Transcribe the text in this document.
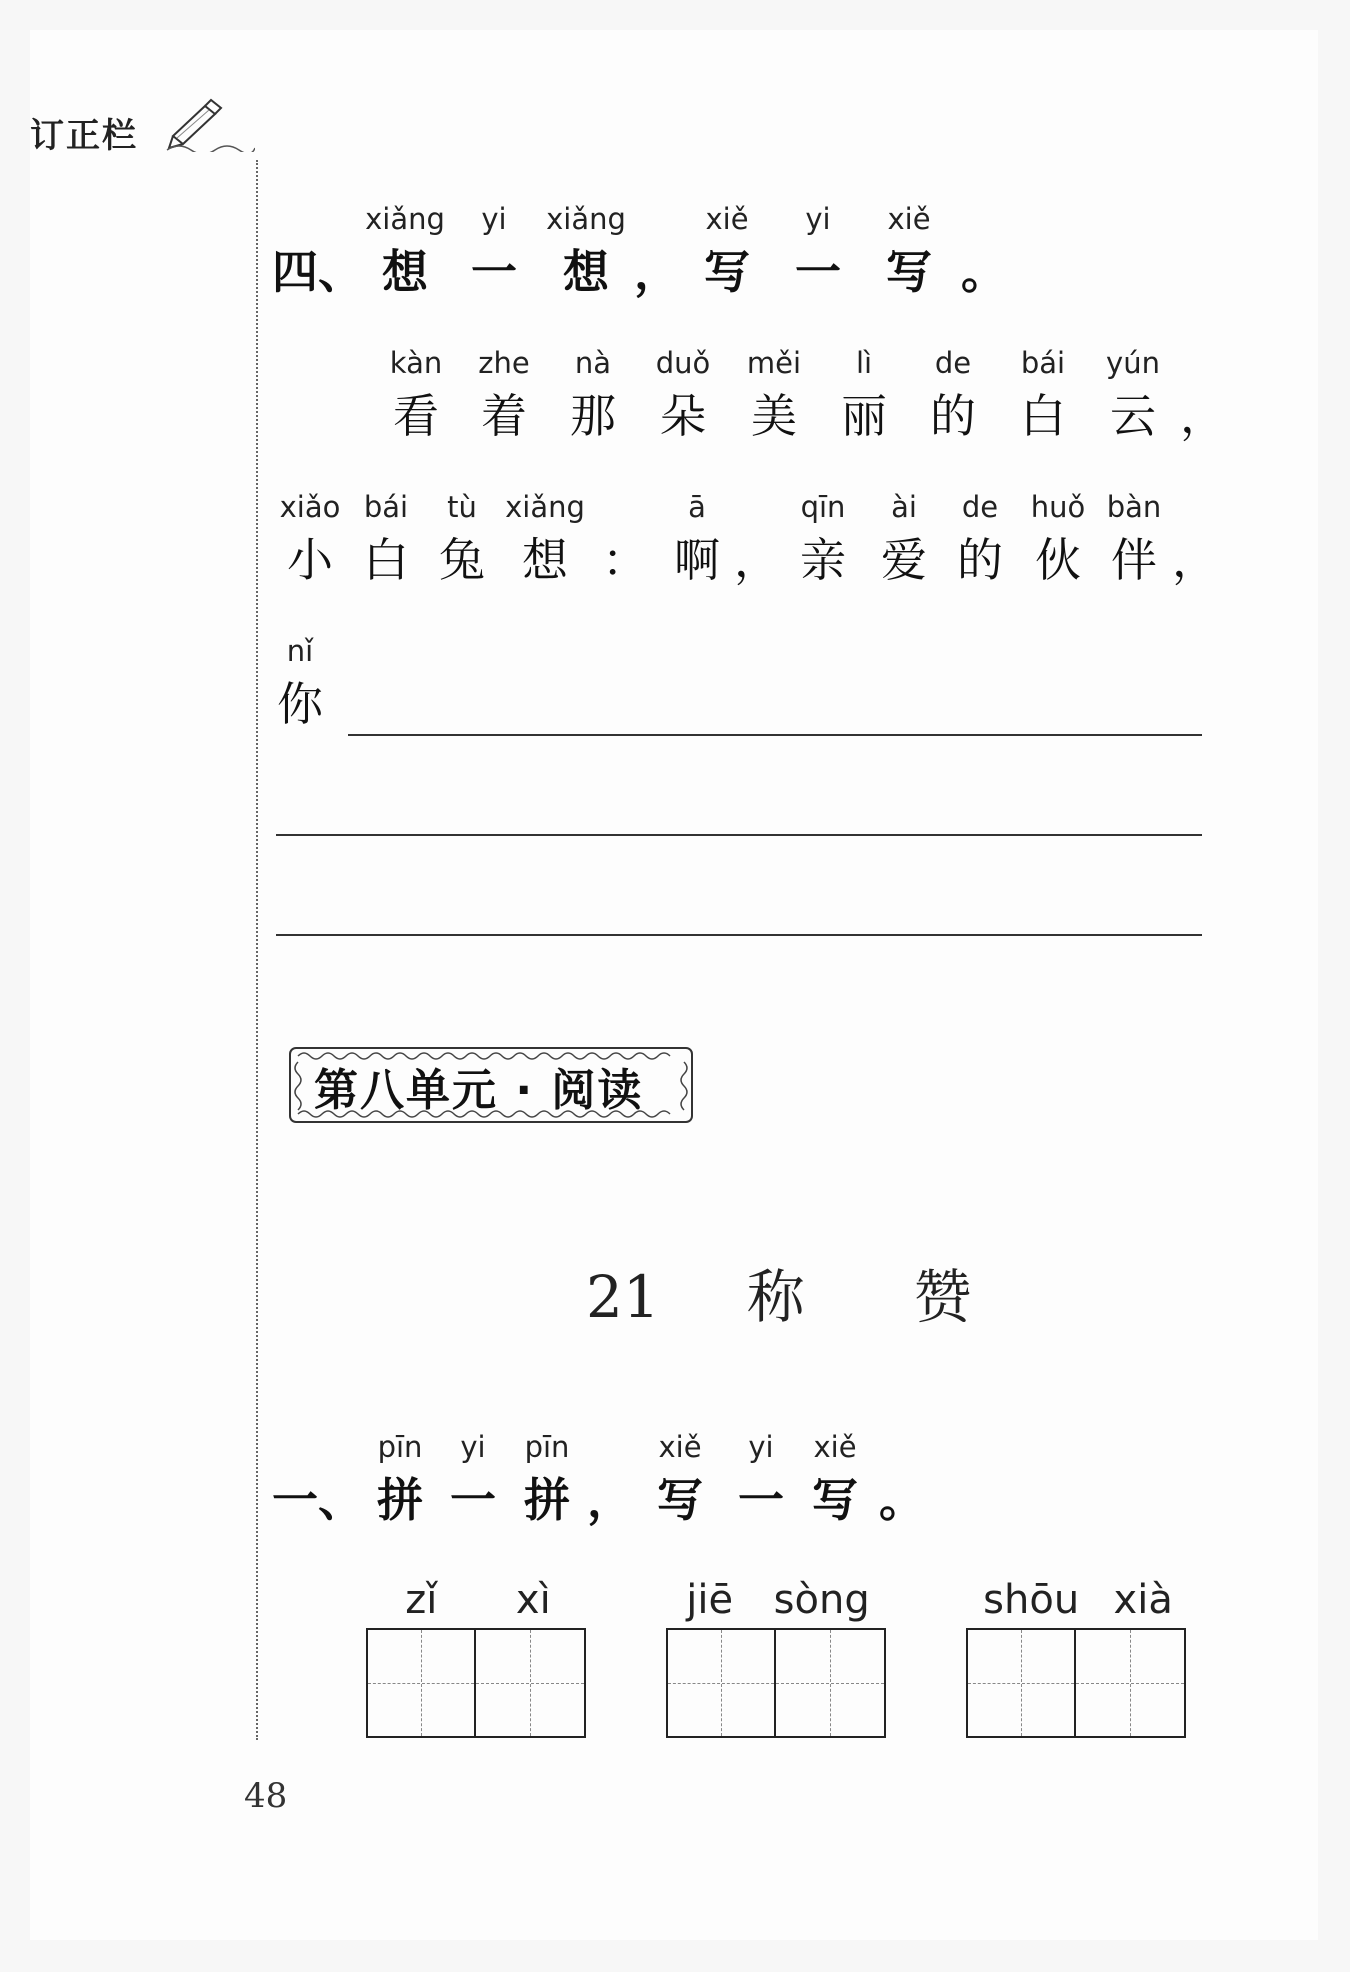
订正栏
四、
xiǎng
想
yi
一
xiǎng
想 ，
xiě
写
yi
一
xiě
写 。
kàn
看
zhe
着
nà
那
duǒ
朵
měi
美
lì
丽
de
的
bái
白
yún
云 ，
xiǎo
小
bái
白
tù
兔
xiǎng
想 ：
ā
啊 ，
qīn
亲
ài
爱
de
的
huǒ
伙
bàn
伴 ，
nǐ
你
第八单元 · 阅读
21 称 赞
一、
pīn
拼
yi
一
pīn
拼 ，
xiě
写
yi
一
xiě
写 。
zǐ xì	jiē sòng	shōu xià
48
